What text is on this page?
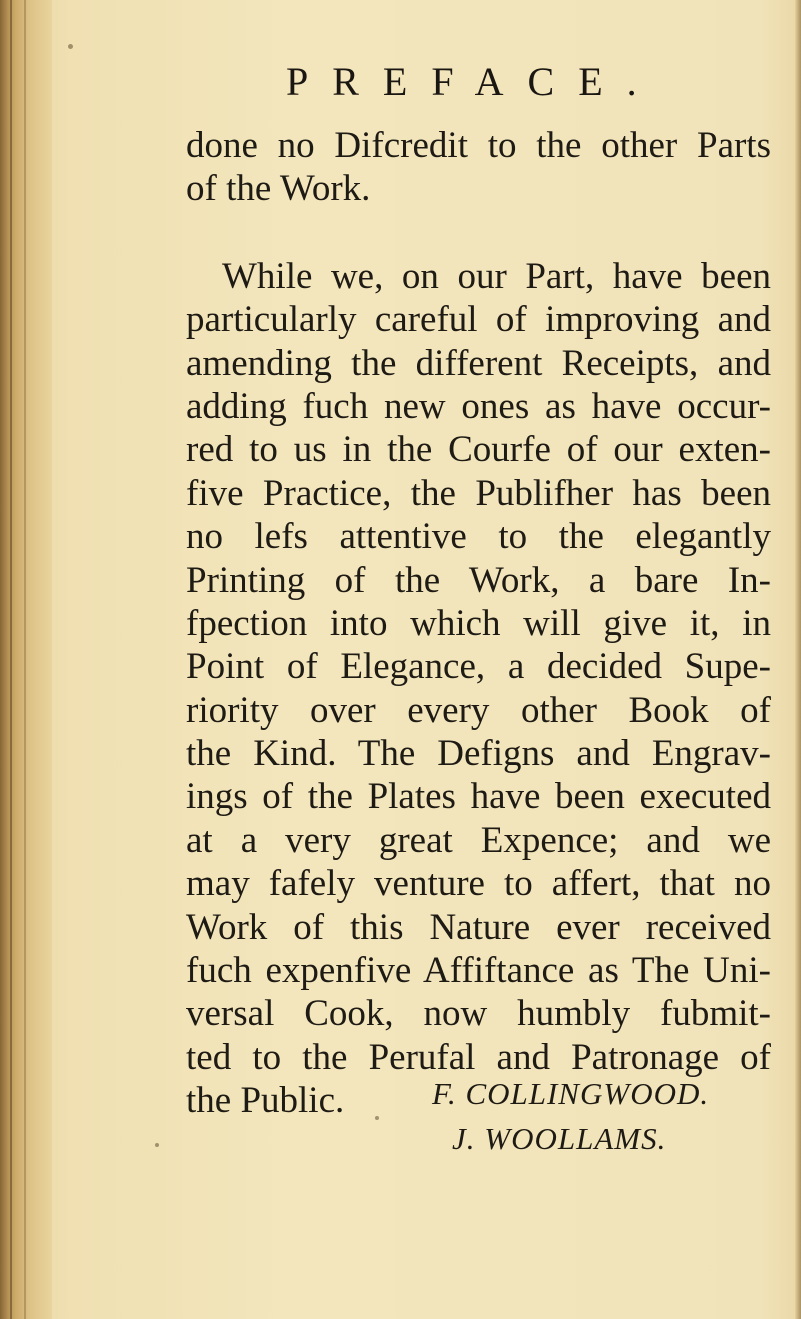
PREFACE.
done no Difcredit to the other Parts
of the Work.
While we, on our Part, have been
particularly careful of improving and
amending the different Receipts, and
adding fuch new ones as have occur-
red to us in the Courfe of our exten-
five Practice, the Publifher has been
no lefs attentive to the elegantly
Printing of the Work, a bare In-
fpection into which will give it, in
Point of Elegance, a decided Supe-
riority over every other Book of
the Kind. The Defigns and Engrav-
ings of the Plates have been executed
at a very great Expence; and we
may fafely venture to affert, that no
Work of this Nature ever received
fuch expenfive Affiftance as The Uni-
versal Cook, now humbly fubmit-
ted to the Perufal and Patronage of
the Public.	F. COLLINGWOOD.
J. WOOLLAMS.
